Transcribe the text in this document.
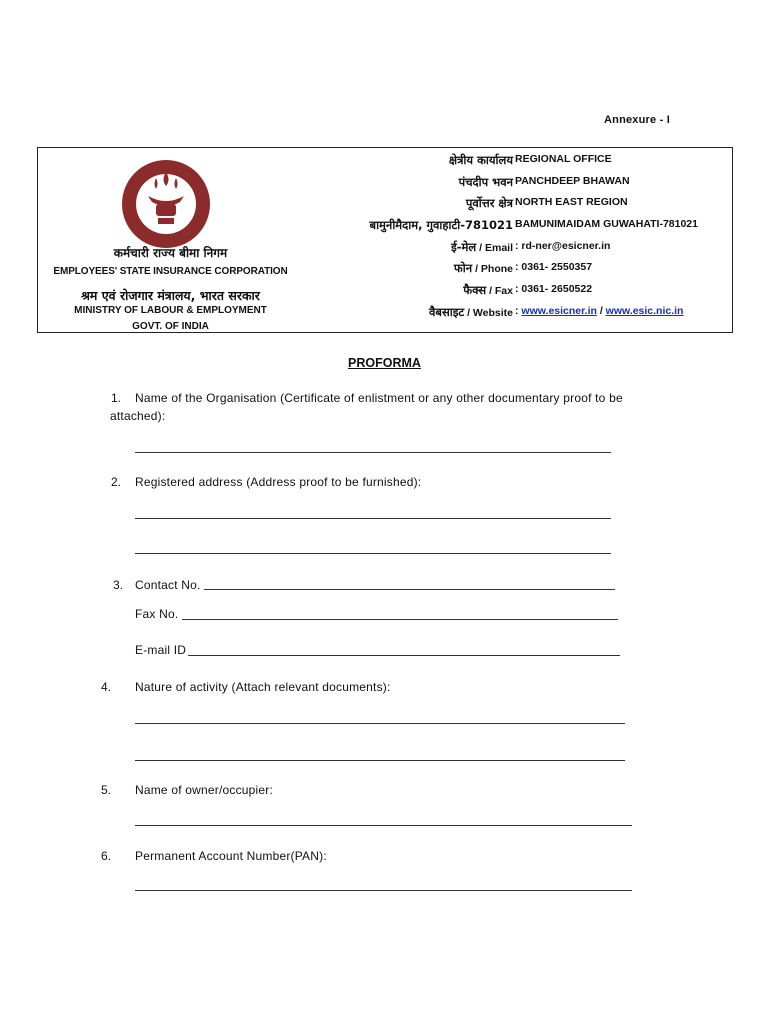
Annexure - I
कर्मचारी राज्य बीमा निगम
EMPLOYEES' STATE INSURANCE CORPORATION
श्रम एवं रोजगार मंत्रालय, भारत सरकार
MINISTRY OF LABOUR & EMPLOYMENT
GOVT. OF INDIA
क्षेत्रीय कार्यालय REGIONAL OFFICE
पंचदीप भवन PANCHDEEP BHAWAN
पूर्वोत्तर क्षेत्र NORTH EAST REGION
बामुनीमैदाम, गुवाहाटी-781021 BAMUNIMAIDAM GUWAHATI-781021
ई-मेल / Email : rd-ner@esicner.in
फोन / Phone : 0361- 2550357
फैक्स / Fax : 0361- 2650522
वैबसाइट / Website : www.esicner.in / www.esic.nic.in
PROFORMA
1. Name of the Organisation (Certificate of enlistment or any other documentary proof to be
attached):
2. Registered address (Address proof to be furnished):
3. Contact No.
Fax No.
E-mail ID
4. Nature of activity (Attach relevant documents):
5. Name of owner/occupier:
6. Permanent Account Number(PAN):
